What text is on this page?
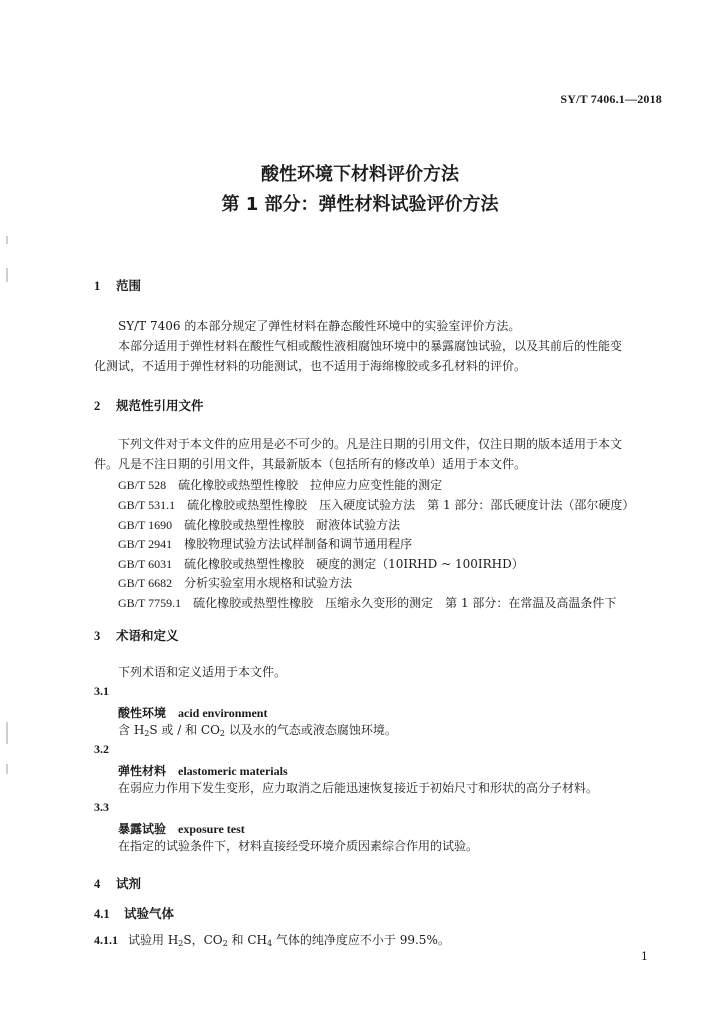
SY/T 7406.1—2018
酸性环境下材料评价方法
第 1 部分：弹性材料试验评价方法
1 范围
SY/T 7406 的本部分规定了弹性材料在静态酸性环境中的实验室评价方法。
本部分适用于弹性材料在酸性气相或酸性液相腐蚀环境中的暴露腐蚀试验，以及其前后的性能变
化测试，不适用于弹性材料的功能测试，也不适用于海绵橡胶或多孔材料的评价。
2 规范性引用文件
下列文件对于本文件的应用是必不可少的。凡是注日期的引用文件，仅注日期的版本适用于本文
件。凡是不注日期的引用文件，其最新版本（包括所有的修改单）适用于本文件。
GB/T 528 硫化橡胶或热塑性橡胶　拉伸应力应变性能的测定
GB/T 531.1 硫化橡胶或热塑性橡胶　压入硬度试验方法　第 1 部分：邵氏硬度计法（邵尔硬度）
GB/T 1690 硫化橡胶或热塑性橡胶　耐液体试验方法
GB/T 2941 橡胶物理试验方法试样制备和调节通用程序
GB/T 6031 硫化橡胶或热塑性橡胶　硬度的测定（10IRHD ~ 100IRHD）
GB/T 6682 分析实验室用水规格和试验方法
GB/T 7759.1 硫化橡胶或热塑性橡胶　压缩永久变形的测定　第 1 部分：在常温及高温条件下
3 术语和定义
下列术语和定义适用于本文件。
3.1
酸性环境 acid environment
含 $H_2S$ 或 / 和 $CO_2$ 以及水的气态或液态腐蚀环境。
3.2
弹性材料 elastomeric materials
在弱应力作用下发生变形，应力取消之后能迅速恢复接近于初始尺寸和形状的高分子材料。
3.3
暴露试验 exposure test
在指定的试验条件下，材料直接经受环境介质因素综合作用的试验。
4 试剂
4.1 试验气体
4.1.1 试验用 $H_2S$，$CO_2$ 和 $CH_4$ 气体的纯净度应不小于 99.5%。
1
